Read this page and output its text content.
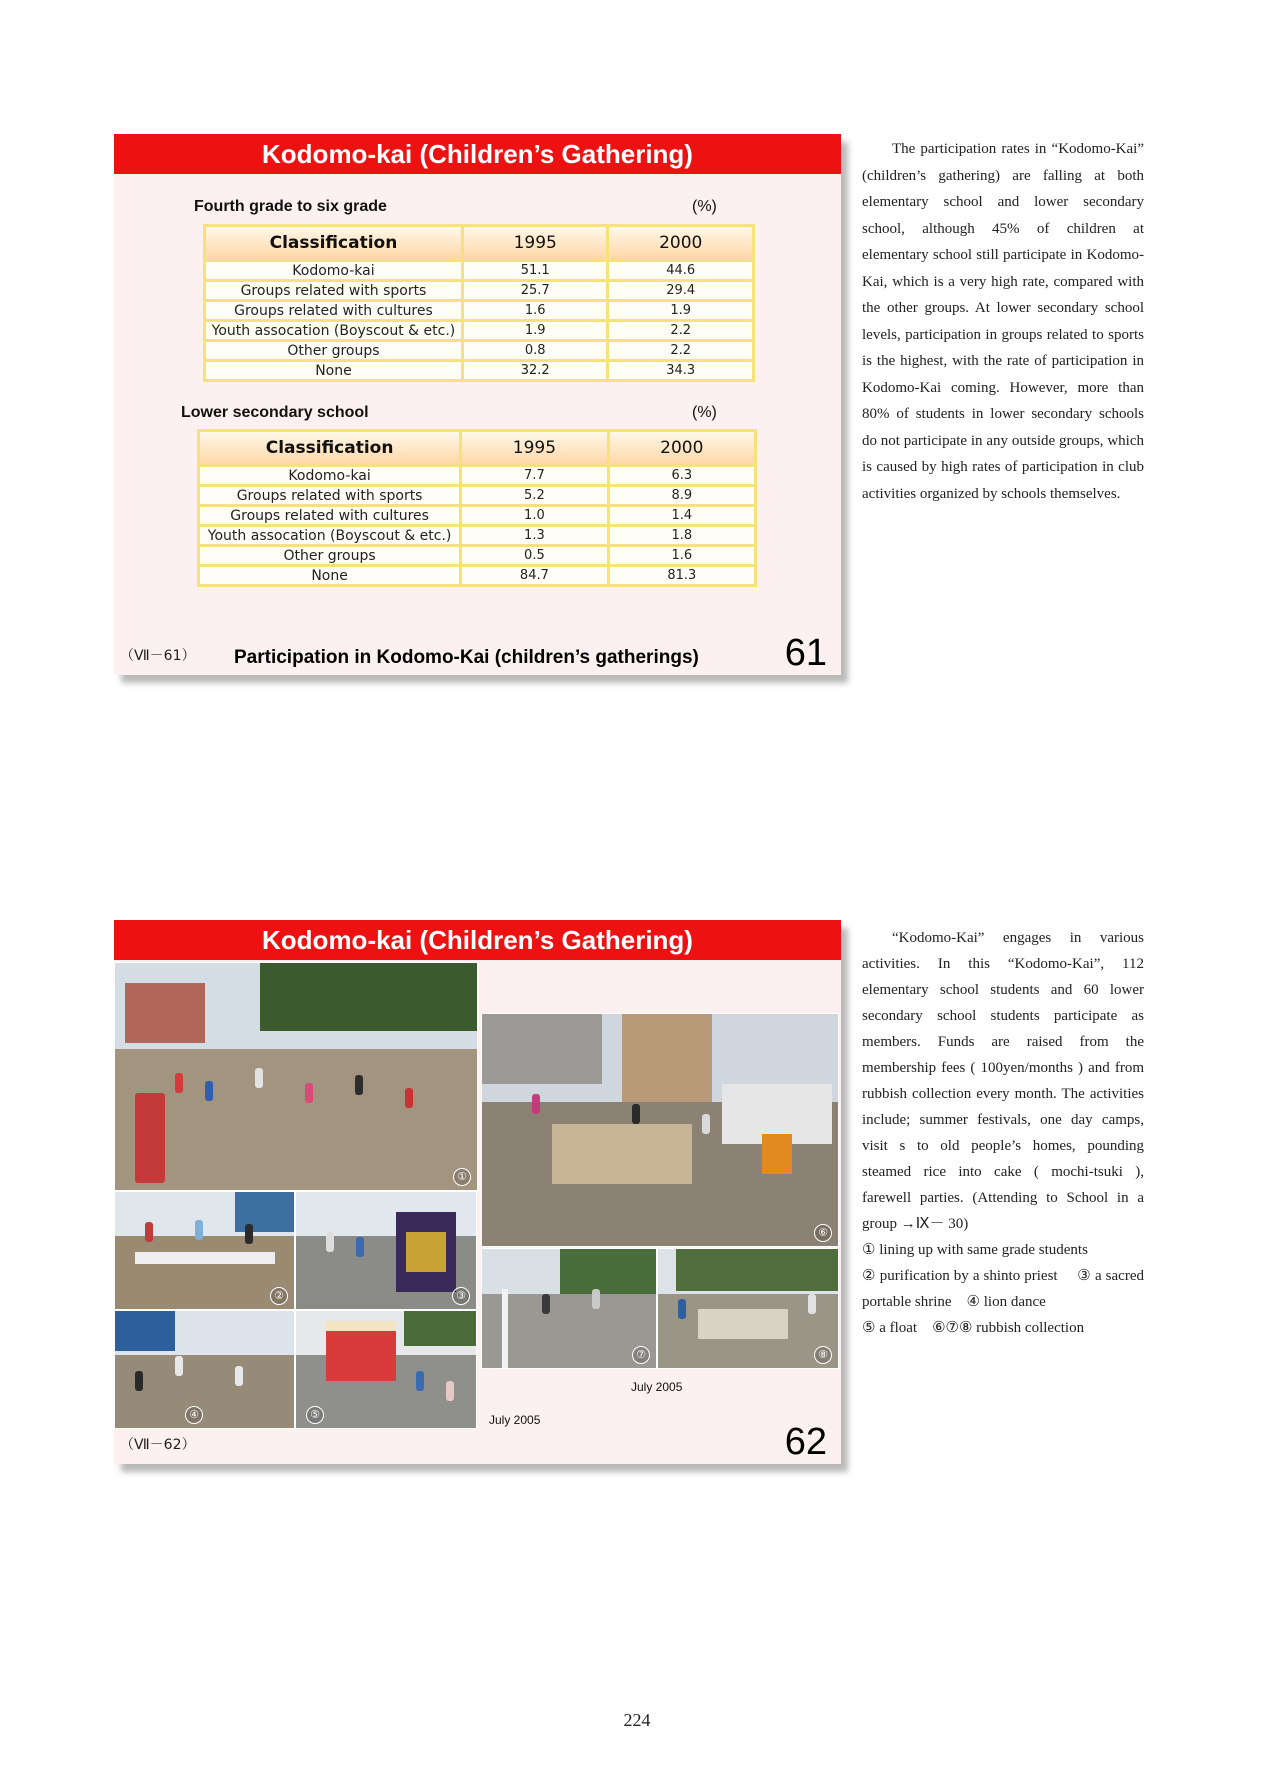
Kodomo-kai (Children’s Gathering)
Fourth grade to six grade	(%)
Classification	1995	2000
Kodomo-kai	51.1	44.6
Groups related with sports	25.7	29.4
Groups related with cultures	1.6	1.9
Youth assocation (Boyscout & etc.)	1.9	2.2
Other groups	0.8	2.2
None	32.2	34.3
Lower secondary school	(%)
Classification	1995	2000
Kodomo-kai	7.7	6.3
Groups related with sports	5.2	8.9
Groups related with cultures	1.0	1.4
Youth assocation (Boyscout & etc.)	1.3	1.8
Other groups	0.5	1.6
None	84.7	81.3
（Ⅶ－61） Participation in Kodomo-Kai (children’s gatherings) 61

The participation rates in “Kodomo-Kai” (children’s gathering) are falling at both elementary school and lower secondary school, although 45% of children at elementary school still participate in Kodomo-Kai, which is a very high rate, compared with the other groups. At lower secondary school levels, participation in groups related to sports is the highest, with the rate of participation in Kodomo-Kai coming. However, more than 80% of students in lower secondary schools do not participate in any outside groups, which is caused by high rates of participation in club activities organized by schools themselves.

Kodomo-kai (Children’s Gathering)
①
②	③
④	⑤
⑥
⑦	⑧
July 2005
July 2005
（Ⅶ－62）	62

“Kodomo-Kai” engages in various activities. In this “Kodomo-Kai”, 112 elementary school students and 60 lower secondary school students participate as members. Funds are raised from the membership fees ( 100yen/months ) and from rubbish collection every month. The activities include; summer festivals, one day camps, visit s to old people’s homes, pounding steamed rice into cake ( mochi-tsuki ), farewell parties. (Attending to School in a group →Ⅸ－ 30)

① lining up with same grade students
② purification by a shinto priest　 ③ a sacred portable shrine　④ lion dance
⑤ a float　⑥⑦⑧ rubbish collection

224
